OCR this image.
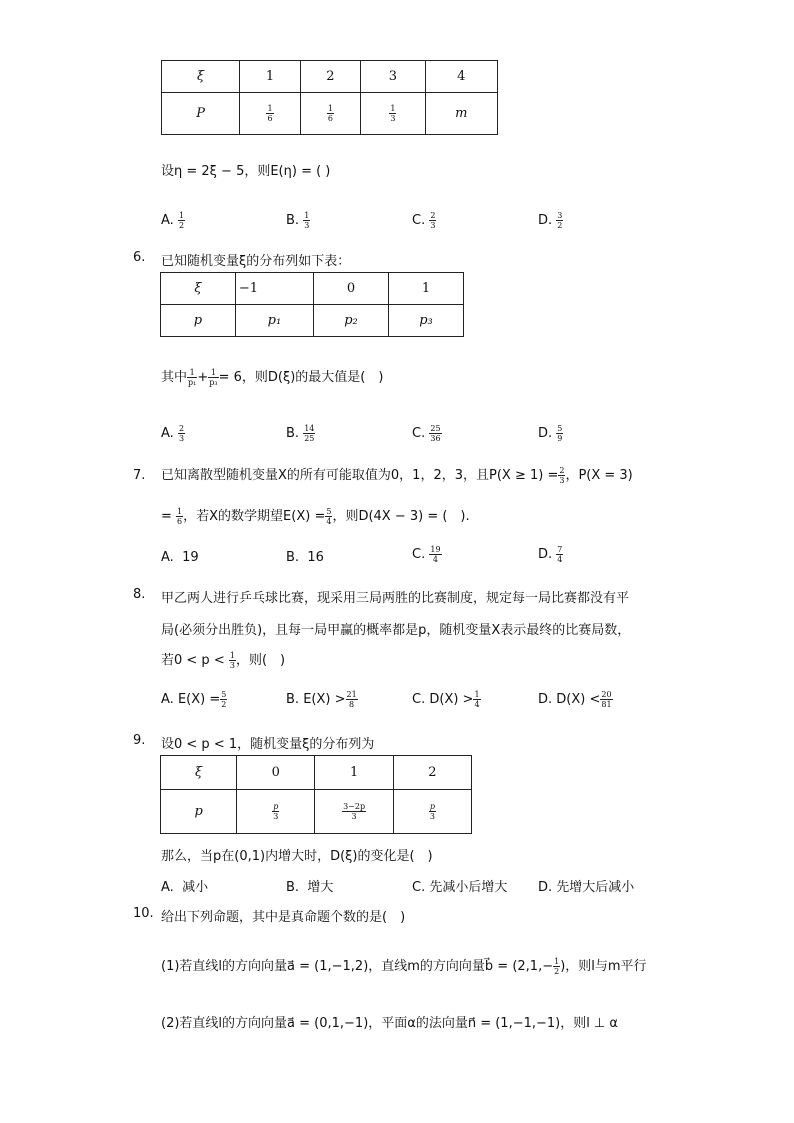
ξ	1	2	3	4
P	$\frac{1}{6}$	$\frac{1}{6}$	$\frac{1}{3}$	m
设η = 2ξ − 5，则E(η) = ( )
A. $\frac{1}{2}$	B. $\frac{1}{3}$	C. $\frac{2}{3}$	D. $\frac{3}{2}$
6. 已知随机变量ξ的分布列如下表：
ξ	−1	0	1
p	p₁	p₂	p₃
其中 $\frac{1}{\text{p₁}} + \frac{1}{\text{p₃}} = 6$，则D(ξ)的最大值是(　)
A. $\frac{2}{3}$	B. $\frac{14}{25}$	C. $\frac{25}{36}$	D. $\frac{5}{9}$
7. 已知离散型随机变量X的所有可能取值为0，1，2，3，且$P(X \ge 1) = \frac{2}{3}$ ，P(X = 3)
= $\frac{1}{6}$ ，若X的数学期望$E(X) = \frac{5}{4}$ ，则D(4X − 3) = (　).
A. 19	B. 16	C. $\frac{19}{4}$	D. $\frac{7}{4}$
8. 甲乙两人进行乒乓球比赛，现采用三局两胜的比赛制度，规定每一局比赛都没有平
局(必须分出胜负)，且每一局甲赢的概率都是p，随机变量X表示最终的比赛局数，
若$0 < p < \frac{1}{3}$ ，则(　)
A. $E(X) = \frac{5}{2}$	B. $E(X) > \frac{21}{8}$	C. $D(X) > \frac{1}{4}$	D. $D(X) < \frac{20}{81}$
9. 设0 < p < 1，随机变量ξ的分布列为
ξ	0	1	2
p	$\frac{p}{3}$	$\frac{3-2p}{3}$	$\frac{p}{3}$
那么，当p在(0,1)内增大时，D(ξ)的变化是(　)
A. 减小	B. 增大	C. 先减小后增大 D. 先增大后减小
10. 给出下列命题，其中是真命题个数的是(　)
(1)若直线l的方向向量a⃗ = (1,−1,2)，直线m的方向向量b⃗ = ($2,1,- \frac{1}{2}$ )，则l与m平行
(2)若直线l的方向向量a⃗ = (0,1,−1)，平面α的法向量n⃗ = (1,−1,−1)，则l ⊥ α
